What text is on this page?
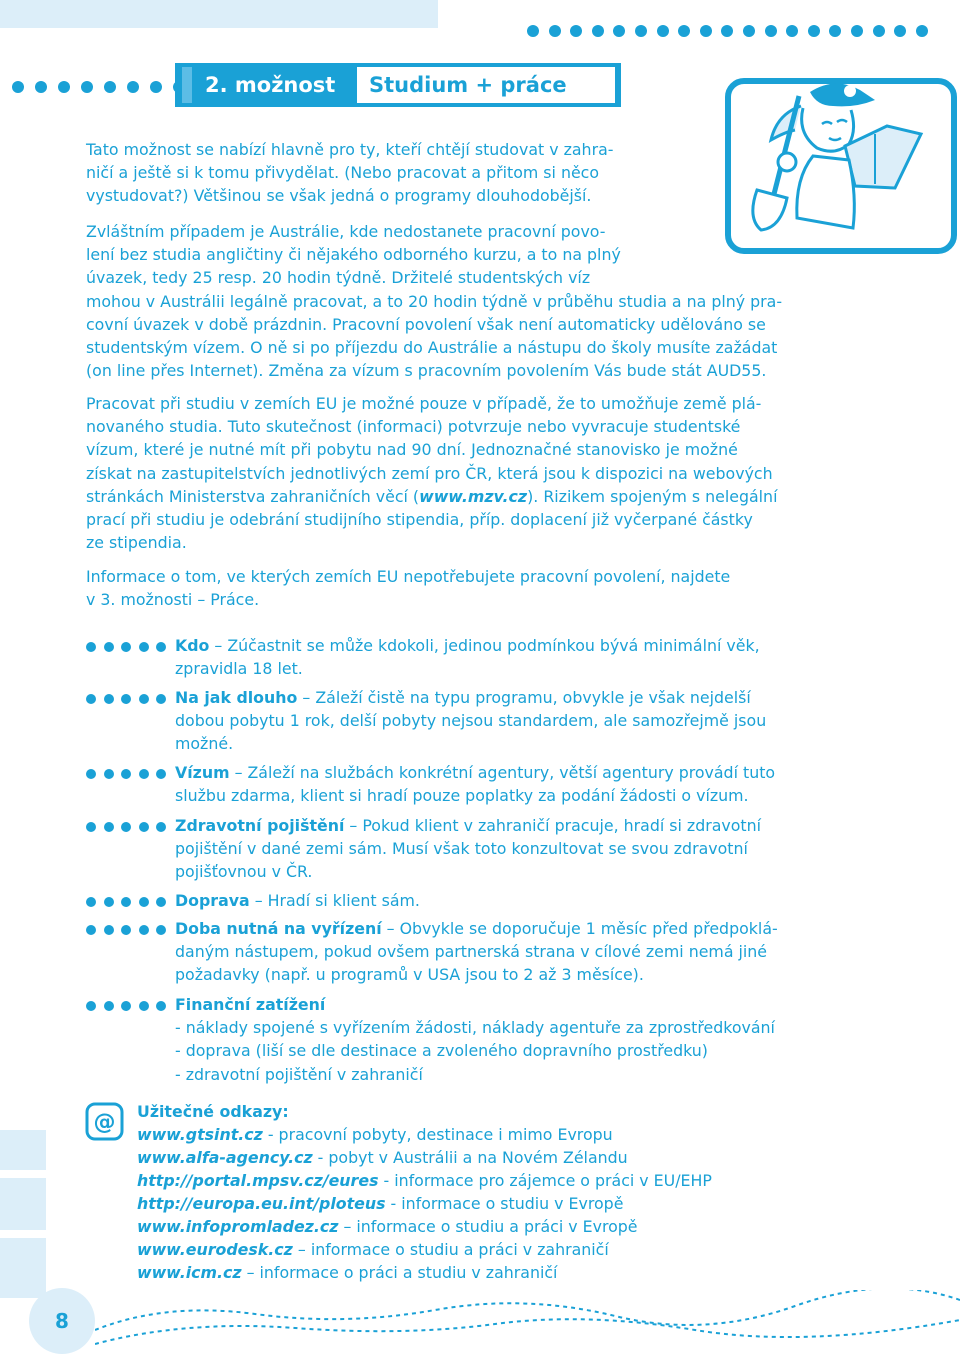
2. možnost Studium + práce

Tato možnost se nabízí hlavně pro ty, kteří chtějí studovat v zahra-
ničí a ještě si k tomu přivydělat. (Nebo pracovat a přitom si něco
vystudovat?) Většinou se však jedná o programy dlouhodobější.

Zvláštním případem je Austrálie, kde nedostanete pracovní povo-
lení bez studia angličtiny či nějakého odborného kurzu, a to na plný
úvazek, tedy 25 resp. 20 hodin týdně. Držitelé studentských víz
mohou v Austrálii legálně pracovat, a to 20 hodin týdně v průběhu studia a na plný pra-
covní úvazek v době prázdnin. Pracovní povolení však není automaticky udělováno se
studentským vízem. O ně si po příjezdu do Austrálie a nástupu do školy musíte zažádat
(on line přes Internet). Změna za vízum s pracovním povolením Vás bude stát AUD55.

Pracovat při studiu v zemích EU je možné pouze v případě, že to umožňuje země plá-
novaného studia. Tuto skutečnost (informaci) potvrzuje nebo vyvracuje studentské
vízum, které je nutné mít při pobytu nad 90 dní. Jednoznačné stanovisko je možné
získat na zastupitelstvích jednotlivých zemí pro ČR, která jsou k dispozici na webových
stránkách Ministerstva zahraničních věcí (www.mzv.cz). Rizikem spojeným s nelegální
prací při studiu je odebrání studijního stipendia, příp. doplacení již vyčerpané částky
ze stipendia.

Informace o tom, ve kterých zemích EU nepotřebujete pracovní povolení, najdete
v 3. možnosti – Práce.

Kdo – Zúčastnit se může kdokoli, jedinou podmínkou bývá minimální věk,
zpravidla 18 let.
Na jak dlouho – Záleží čistě na typu programu, obvykle je však nejdelší
dobou pobytu 1 rok, delší pobyty nejsou standardem, ale samozřejmě jsou
možné.
Vízum – Záleží na službách konkrétní agentury, větší agentury provádí tuto
službu zdarma, klient si hradí pouze poplatky za podání žádosti o vízum.
Zdravotní pojištění – Pokud klient v zahraničí pracuje, hradí si zdravotní
pojištění v dané zemi sám. Musí však toto konzultovat se svou zdravotní
pojišťovnou v ČR.
Doprava – Hradí si klient sám.
Doba nutná na vyřízení – Obvykle se doporučuje 1 měsíc před předpoklá-
daným nástupem, pokud ovšem partnerská strana v cílové zemi nemá jiné
požadavky (např. u programů v USA jsou to 2 až 3 měsíce).
Finanční zatížení
- náklady spojené s vyřízením žádosti, náklady agentuře za zprostředkování
- doprava (liší se dle destinace a zvoleného dopravního prostředku)
- zdravotní pojištění v zahraničí
@ Užitečné odkazy:
www.gtsint.cz - pracovní pobyty, destinace i mimo Evropu
www.alfa-agency.cz - pobyt v Austrálii a na Novém Zélandu
http://portal.mpsv.cz/eures - informace pro zájemce o práci v EU/EHP
http://europa.eu.int/ploteus - informace o studiu v Evropě
www.infopromladez.cz – informace o studiu a práci v Evropě
www.eurodesk.cz – informace o studiu a práci v zahraničí
www.icm.cz – informace o práci a studiu v zahraničí
8
